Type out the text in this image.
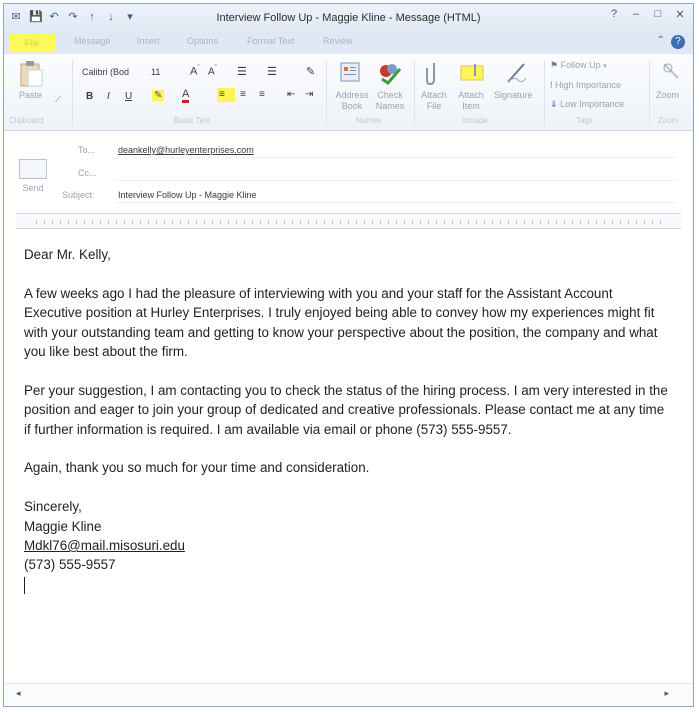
✉ 💾 ↶ ↷ ↑ ↓ ▾	Interview Follow Up - Maggie Kline - Message (HTML)	?	–	□	✕
File	Message	Insert	Options	Format Text	Review	⌃	?
Paste ⟋
Clipboard
Calibri (Bod 11	$A^ˆ$ $A^ˇ$ ☰ ☰	✎
B I U ✎ A	≡ ≡ ≡ ⇤ ⇥
Basic Text
Address
Book
Check
Names
Names
Attach
File
Attach
Item
Signature
Include
⚑ Follow Up ▾
! High Importance
⇓ Low Importance
Tags
Zoom
Zoom
Send
To...	deankelly@hurleyenterprises.com
Cc...
Subject:	Interview Follow Up - Maggie Kline

Dear Mr. Kelly,

A few weeks ago I had the pleasure of interviewing with you and your staff for the Assistant Account Executive position at Hurley Enterprises. I truly enjoyed being able to convey how my experiences might fit with your outstanding team and getting to know your perspective about the position, the company and what you like best about the firm.

Per your suggestion, I am contacting you to check the status of the hiring process. I am very interested in the position and eager to join your group of dedicated and creative professionals. Please contact me at any time if further information is required. I am available via email or phone (573) 555-9557.

Again, thank you so much for your time and consideration.

Sincerely,
Maggie Kline
Mdkl76@mail.misosuri.edu
(573) 555-9557
◂	▸
